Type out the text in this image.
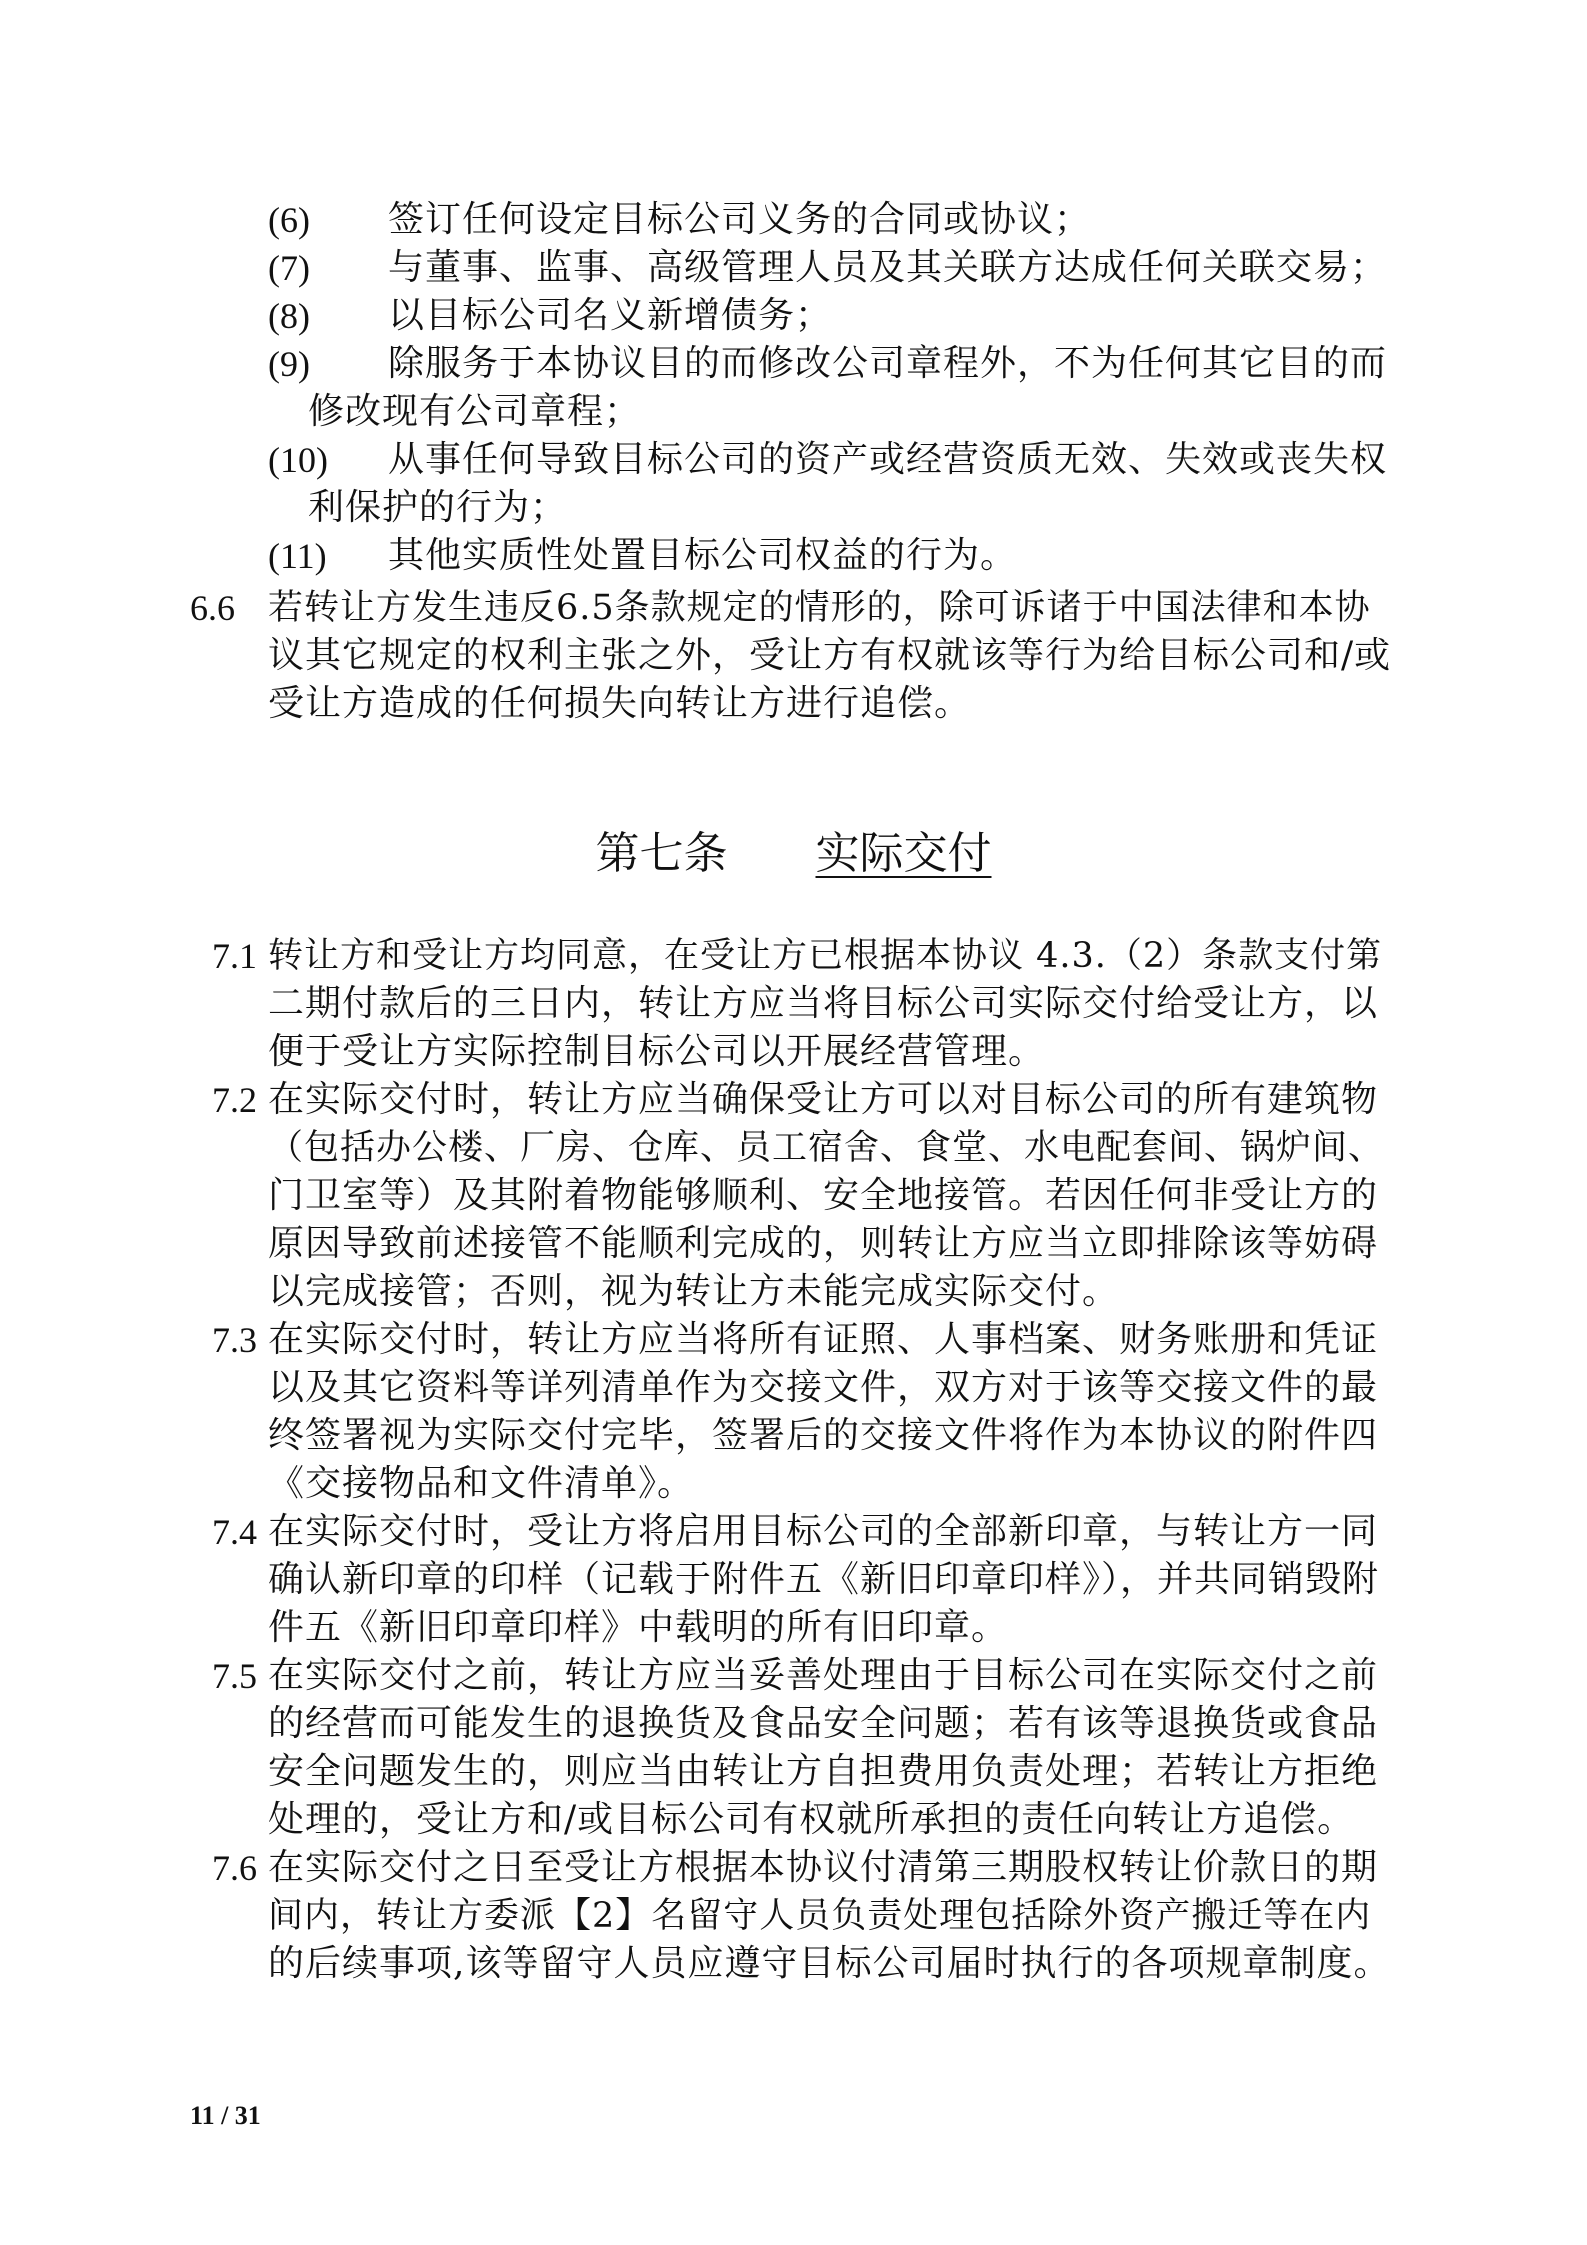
(6) 签订任何设定目标公司义务的合同或协议；
(7) 与董事、监事、高级管理人员及其关联方达成任何关联交易；
(8) 以目标公司名义新增债务；
(9) 除服务于本协议目的而修改公司章程外，不为任何其它目的而
修改现有公司章程；
(10) 从事任何导致目标公司的资产或经营资质无效、失效或丧失权
利保护的行为；
(11) 其他实质性处置目标公司权益的行为。
6.6 若转让方发生违反6.5条款规定的情形的，除可诉诸于中国法律和本协
议其它规定的权利主张之外，受让方有权就该等行为给目标公司和/或
受让方造成的任何损失向转让方进行追偿。
第七条 实际交付
7.1 转让方和受让方均同意，在受让方已根据本协议 4.3.（2）条款支付第
二期付款后的三日内，转让方应当将目标公司实际交付给受让方，以
便于受让方实际控制目标公司以开展经营管理。
7.2 在实际交付时，转让方应当确保受让方可以对目标公司的所有建筑物
（包括办公楼、厂房、仓库、员工宿舍、食堂、水电配套间、锅炉间、
门卫室等）及其附着物能够顺利、安全地接管。若因任何非受让方的
原因导致前述接管不能顺利完成的，则转让方应当立即排除该等妨碍
以完成接管；否则，视为转让方未能完成实际交付。
7.3 在实际交付时，转让方应当将所有证照、人事档案、财务账册和凭证
以及其它资料等详列清单作为交接文件，双方对于该等交接文件的最
终签署视为实际交付完毕，签署后的交接文件将作为本协议的附件四
《交接物品和文件清单》。
7.4 在实际交付时，受让方将启用目标公司的全部新印章，与转让方一同
确认新印章的印样（记载于附件五《新旧印章印样》），并共同销毁附
件五《新旧印章印样》中载明的所有旧印章。
7.5 在实际交付之前，转让方应当妥善处理由于目标公司在实际交付之前
的经营而可能发生的退换货及食品安全问题；若有该等退换货或食品
安全问题发生的，则应当由转让方自担费用负责处理；若转让方拒绝
处理的，受让方和/或目标公司有权就所承担的责任向转让方追偿。
7.6 在实际交付之日至受让方根据本协议付清第三期股权转让价款日的期
间内，转让方委派【2】名留守人员负责处理包括除外资产搬迁等在内
的后续事项,该等留守人员应遵守目标公司届时执行的各项规章制度。
11 / 31
